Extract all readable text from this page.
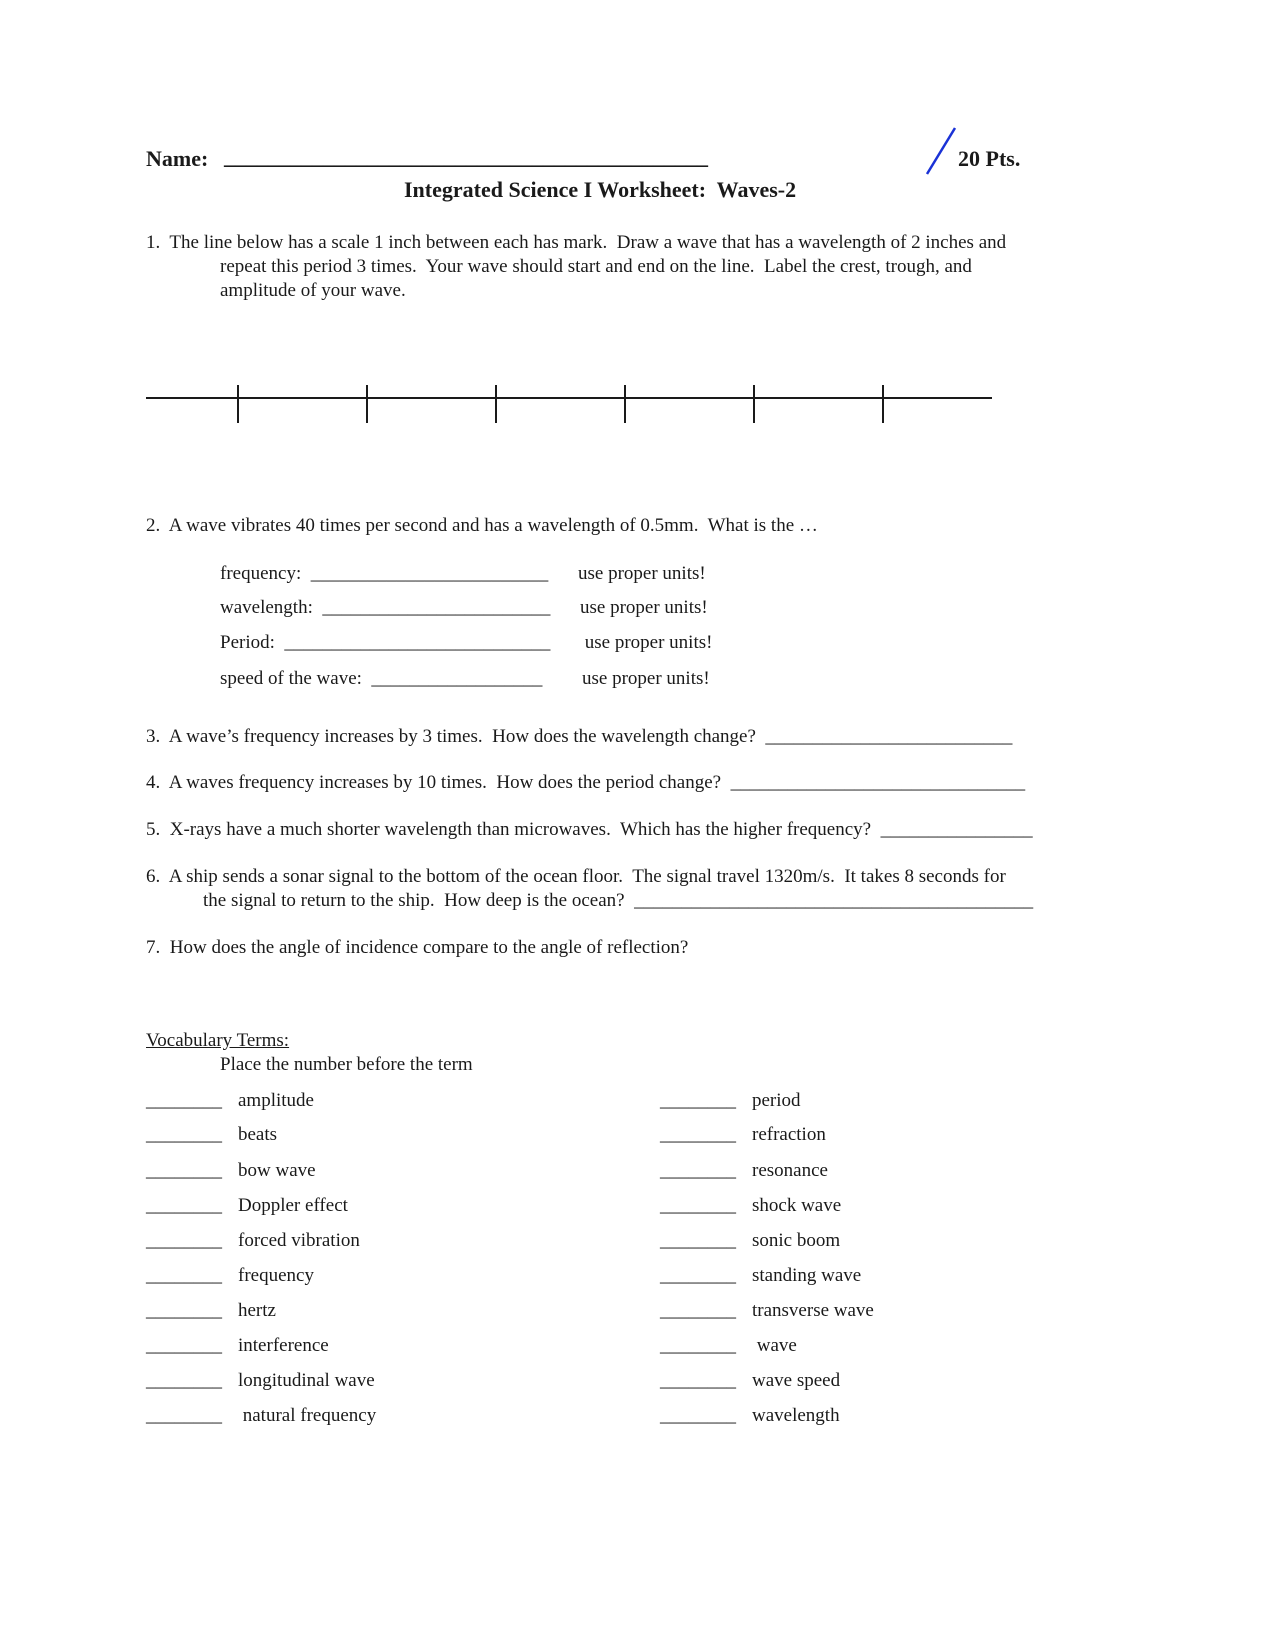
Name: ____________________________________________	20 Pts.
Integrated Science I Worksheet:  Waves-2
1.  The line below has a scale 1 inch between each has mark.  Draw a wave that has a wavelength of 2 inches and
repeat this period 3 times.  Your wave should start and end on the line.  Label the crest, trough, and
amplitude of your wave.
2.  A wave vibrates 40 times per second and has a wavelength of 0.5mm.  What is the …
frequency:  _________________________ use proper units!
wavelength:  ________________________ use proper units!
Period:  ____________________________ use proper units!
speed of the wave:  __________________ use proper units!
3.  A wave’s frequency increases by 3 times.  How does the wavelength change?  __________________________
4.  A waves frequency increases by 10 times.  How does the period change?  _______________________________
5.  X-rays have a much shorter wavelength than microwaves.  Which has the higher frequency?  ________________
6.  A ship sends a sonar signal to the bottom of the ocean floor.  The signal travel 1320m/s.  It takes 8 seconds for
the signal to return to the ship.  How deep is the ocean?  __________________________________________
7.  How does the angle of incidence compare to the angle of reflection?
Vocabulary Terms:
Place the number before the term
________ amplitude
________ beats
________ bow wave
________ Doppler effect
________ forced vibration
________ frequency
________ hertz
________ interference
________ longitudinal wave
________ natural frequency
________ period
________ refraction
________ resonance
________ shock wave
________ sonic boom
________ standing wave
________ transverse wave
________ wave
________ wave speed
________ wavelength
